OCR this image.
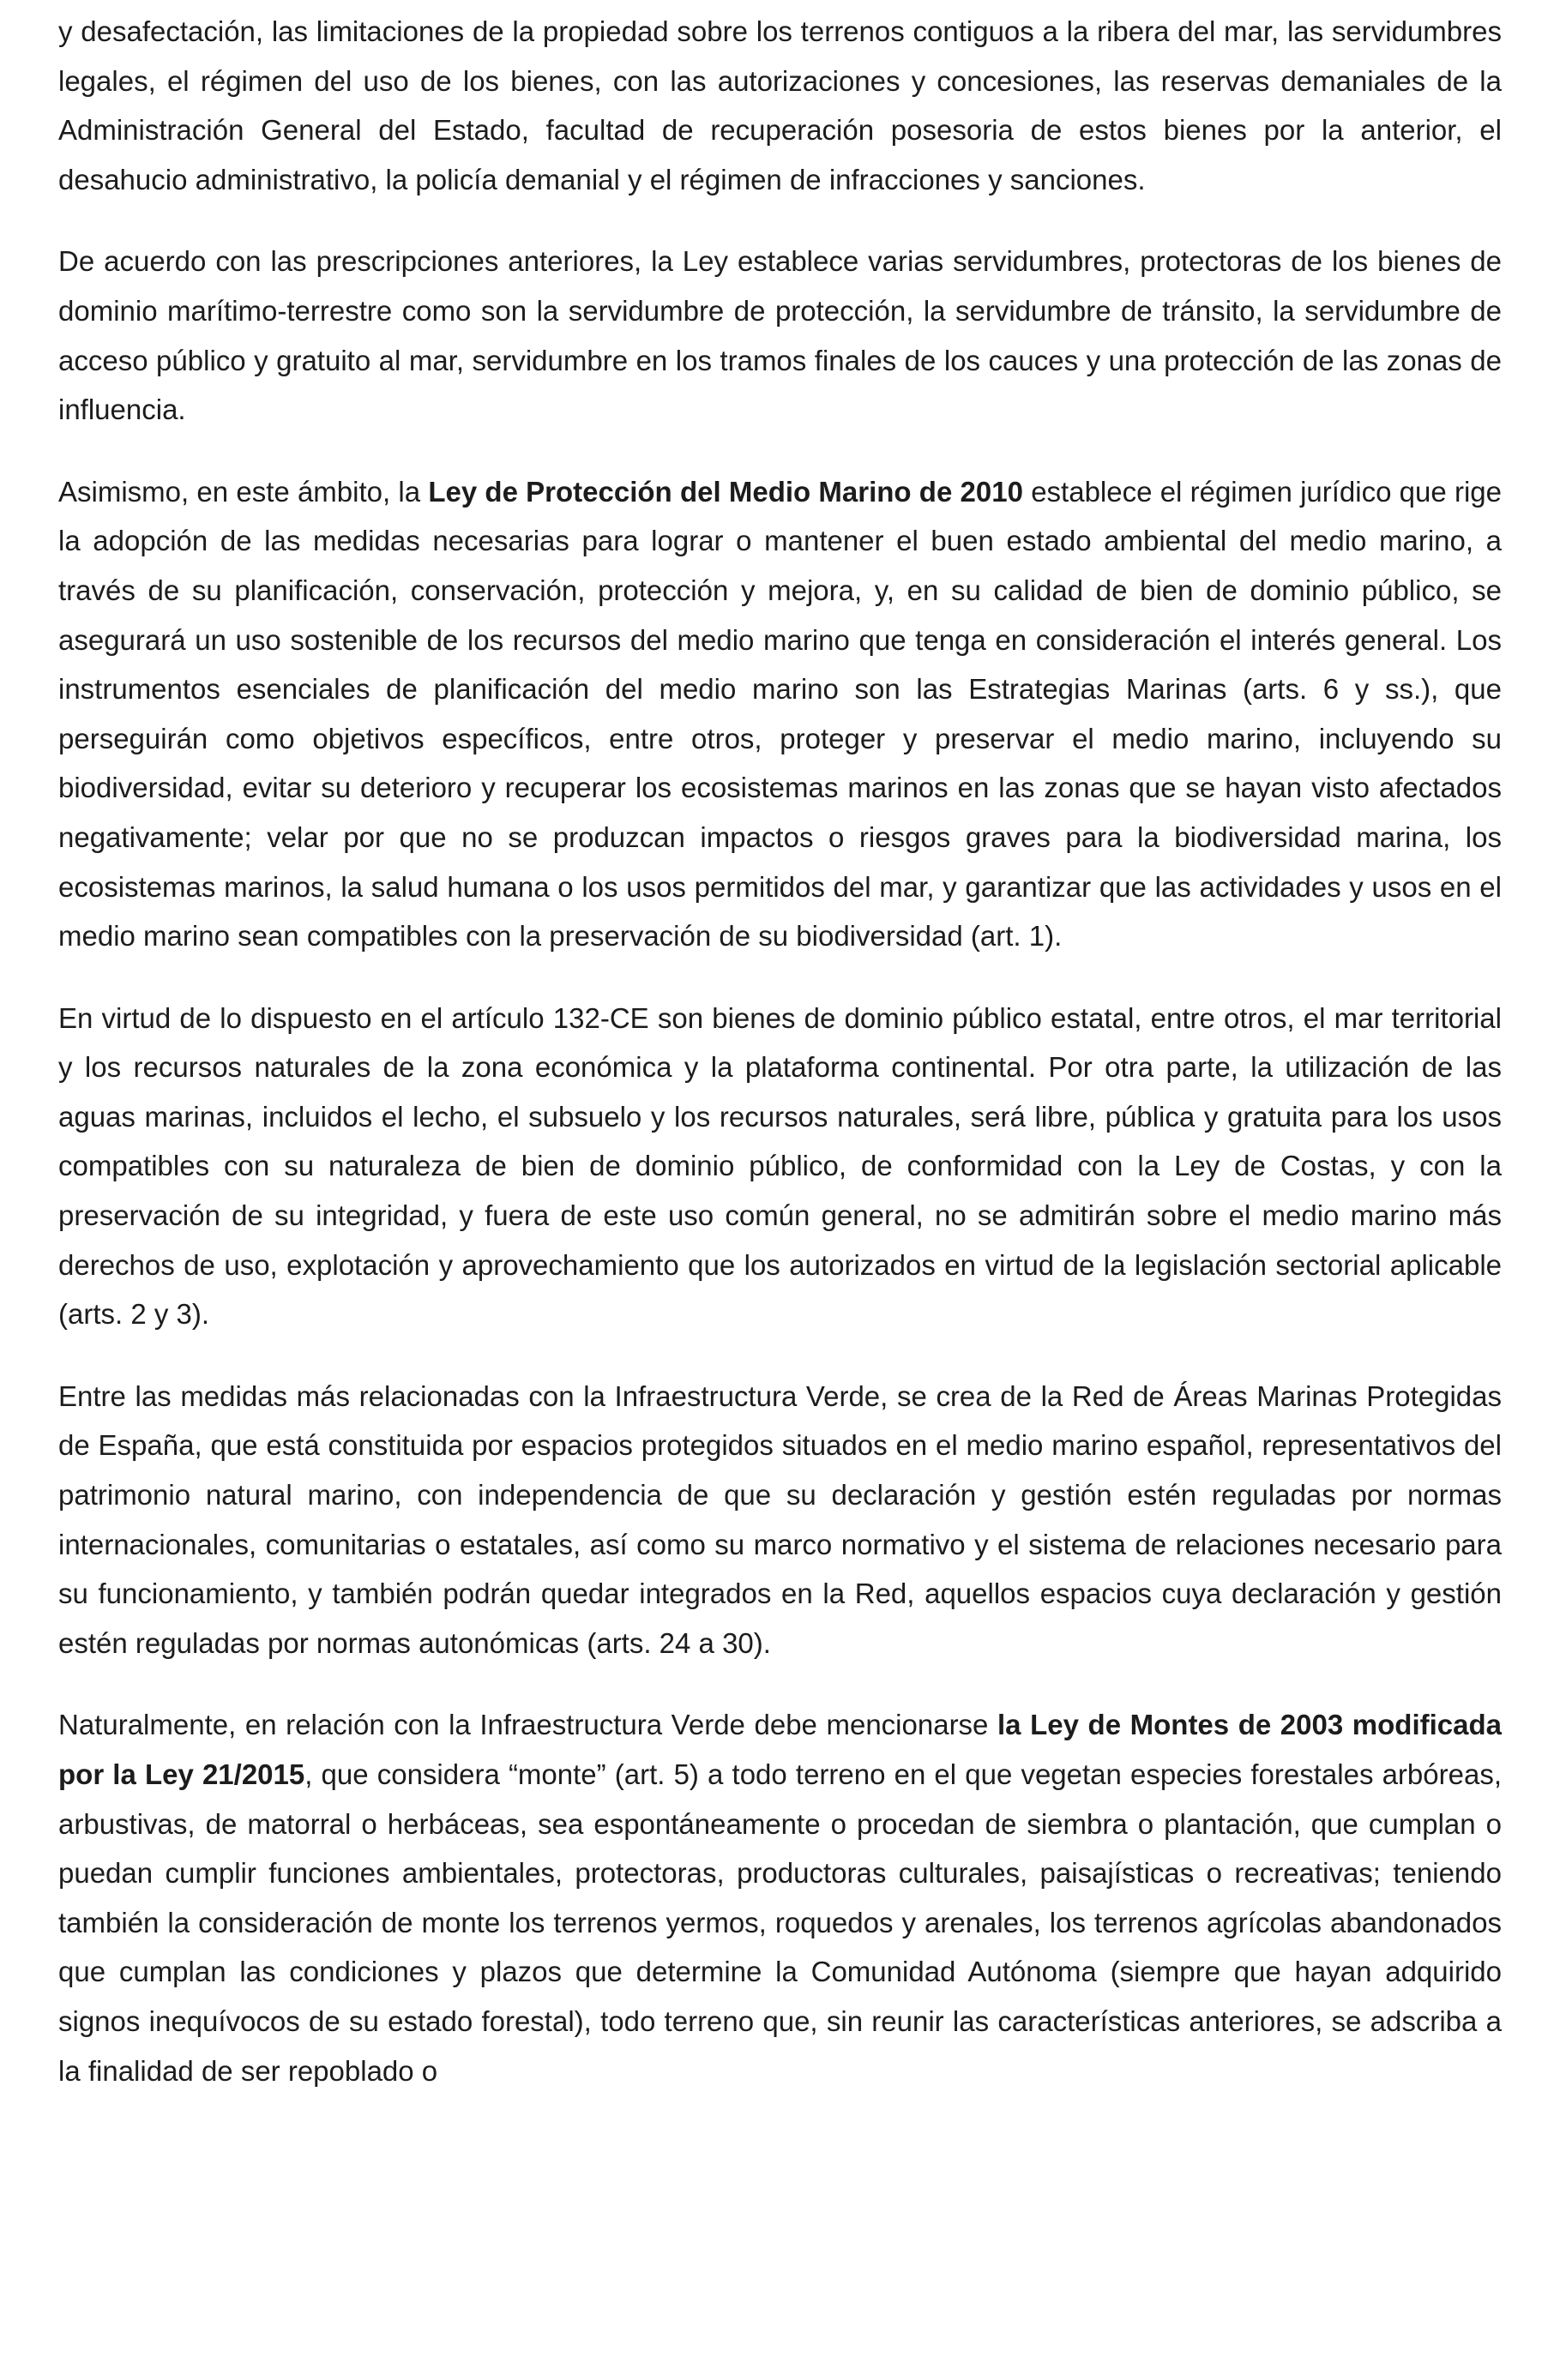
y desafectación, las limitaciones de la propiedad sobre los terrenos contiguos a la ribera del mar, las servidumbres legales, el régimen del uso de los bienes, con las autorizaciones y concesiones, las reservas demaniales de la Administración General del Estado, facultad de recuperación posesoria de estos bienes por la anterior, el desahucio administrativo, la policía demanial y el régimen de infracciones y sanciones.

De acuerdo con las prescripciones anteriores, la Ley establece varias servidumbres, protectoras de los bienes de dominio marítimo-terrestre como son la servidumbre de protección, la servidumbre de tránsito, la servidumbre de acceso público y gratuito al mar, servidumbre en los tramos finales de los cauces y una protección de las zonas de influencia.

Asimismo, en este ámbito, la Ley de Protección del Medio Marino de 2010 establece el régimen jurídico que rige la adopción de las medidas necesarias para lograr o mantener el buen estado ambiental del medio marino, a través de su planificación, conservación, protección y mejora, y, en su calidad de bien de dominio público, se asegurará un uso sostenible de los recursos del medio marino que tenga en consideración el interés general. Los instrumentos esenciales de planificación del medio marino son las Estrategias Marinas (arts. 6 y ss.), que perseguirán como objetivos específicos, entre otros, proteger y preservar el medio marino, incluyendo su biodiversidad, evitar su deterioro y recuperar los ecosistemas marinos en las zonas que se hayan visto afectados negativamente; velar por que no se produzcan impactos o riesgos graves para la biodiversidad marina, los ecosistemas marinos, la salud humana o los usos permitidos del mar, y garantizar que las actividades y usos en el medio marino sean compatibles con la preservación de su biodiversidad (art. 1).

En virtud de lo dispuesto en el artículo 132-CE son bienes de dominio público estatal, entre otros, el mar territorial y los recursos naturales de la zona económica y la plataforma continental. Por otra parte, la utilización de las aguas marinas, incluidos el lecho, el subsuelo y los recursos naturales, será libre, pública y gratuita para los usos compatibles con su naturaleza de bien de dominio público, de conformidad con la Ley de Costas, y con la preservación de su integridad, y fuera de este uso común general, no se admitirán sobre el medio marino más derechos de uso, explotación y aprovechamiento que los autorizados en virtud de la legislación sectorial aplicable (arts. 2 y 3).

Entre las medidas más relacionadas con la Infraestructura Verde, se crea de la Red de Áreas Marinas Protegidas de España, que está constituida por espacios protegidos situados en el medio marino español, representativos del patrimonio natural marino, con independencia de que su declaración y gestión estén reguladas por normas internacionales, comunitarias o estatales, así como su marco normativo y el sistema de relaciones necesario para su funcionamiento, y también podrán quedar integrados en la Red, aquellos espacios cuya declaración y gestión estén reguladas por normas autonómicas (arts. 24 a 30).

Naturalmente, en relación con la Infraestructura Verde debe mencionarse la Ley de Montes de 2003 modificada por la Ley 21/2015, que considera “monte” (art. 5) a todo terreno en el que vegetan especies forestales arbóreas, arbustivas, de matorral o herbáceas, sea espontáneamente o procedan de siembra o plantación, que cumplan o puedan cumplir funciones ambientales, protectoras, productoras culturales, paisajísticas o recreativas; teniendo también la consideración de monte los terrenos yermos, roquedos y arenales, los terrenos agrícolas abandonados que cumplan las condiciones y plazos que determine la Comunidad Autónoma (siempre que hayan adquirido signos inequívocos de su estado forestal), todo terreno que, sin reunir las características anteriores, se adscriba a la finalidad de ser repoblado o
